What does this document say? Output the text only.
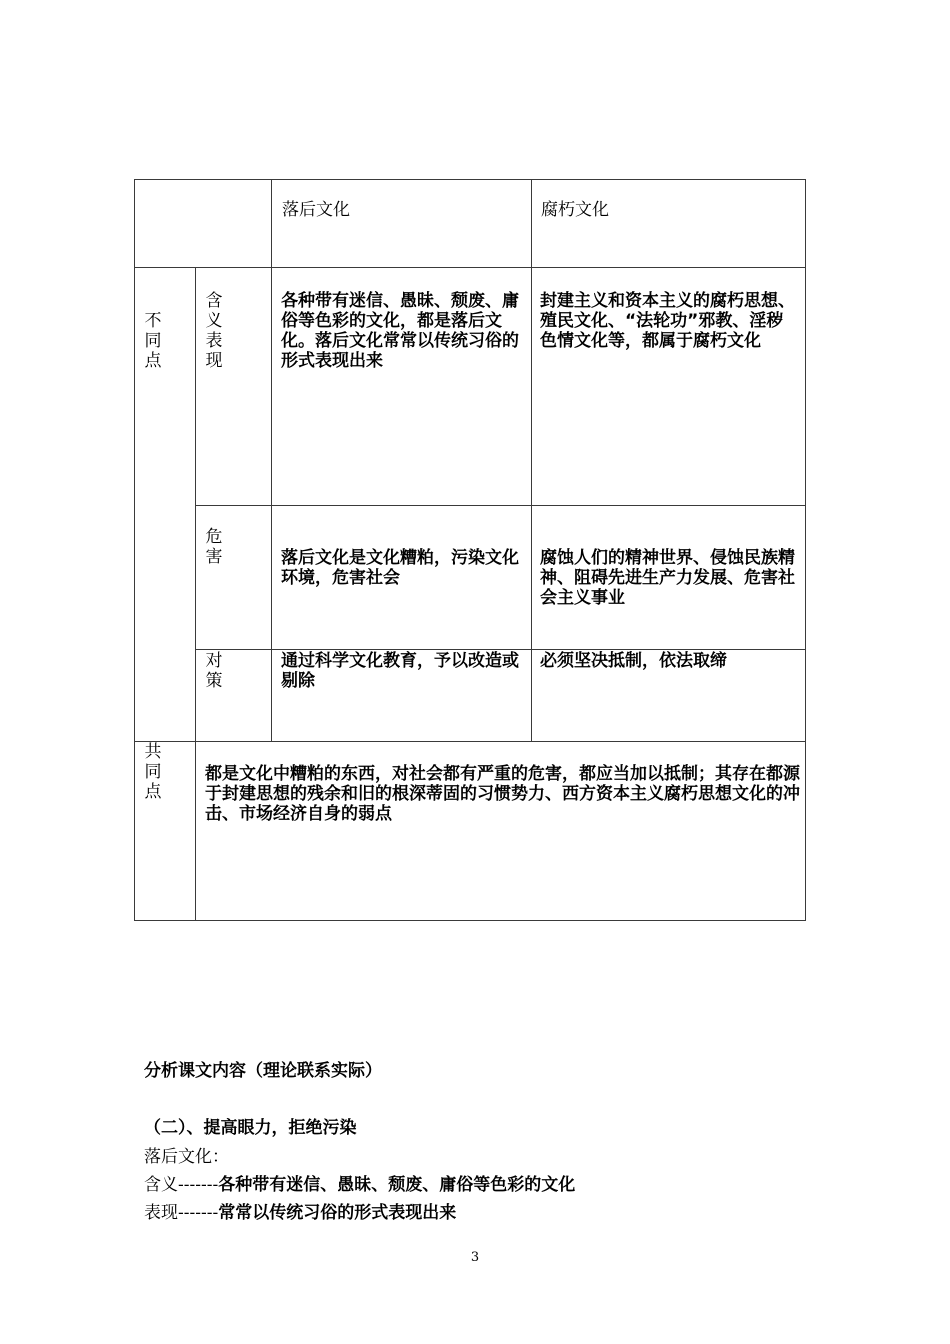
落后文化	腐朽文化
不同点
含义表现
各种带有迷信、愚昧、颓废、庸俗等色彩的文化，都是落后文化。落后文化常常以传统习俗的形式表现出来
封建主义和资本主义的腐朽思想、殖民文化、“法轮功”邪教、淫秽色情文化等，都属于腐朽文化
危害	落后文化是文化糟粕，污染文化环境，危害社会
腐蚀人们的精神世界、侵蚀民族精神、阻碍先进生产力发展、危害社会主义事业
对策
通过科学文化教育，予以改造或剔除
必须坚决抵制，依法取缔
共同点
都是文化中糟粕的东西，对社会都有严重的危害，都应当加以抵制；其存在都源于封建思想的残余和旧的根深蒂固的习惯势力、西方资本主义腐朽思想文化的冲击、市场经济自身的弱点
分析课文内容（理论联系实际）
（二）、提高眼力，拒绝污染
落后文化：
含义-------各种带有迷信、愚昧、颓废、庸俗等色彩的文化
表现-------常常以传统习俗的形式表现出来
3
